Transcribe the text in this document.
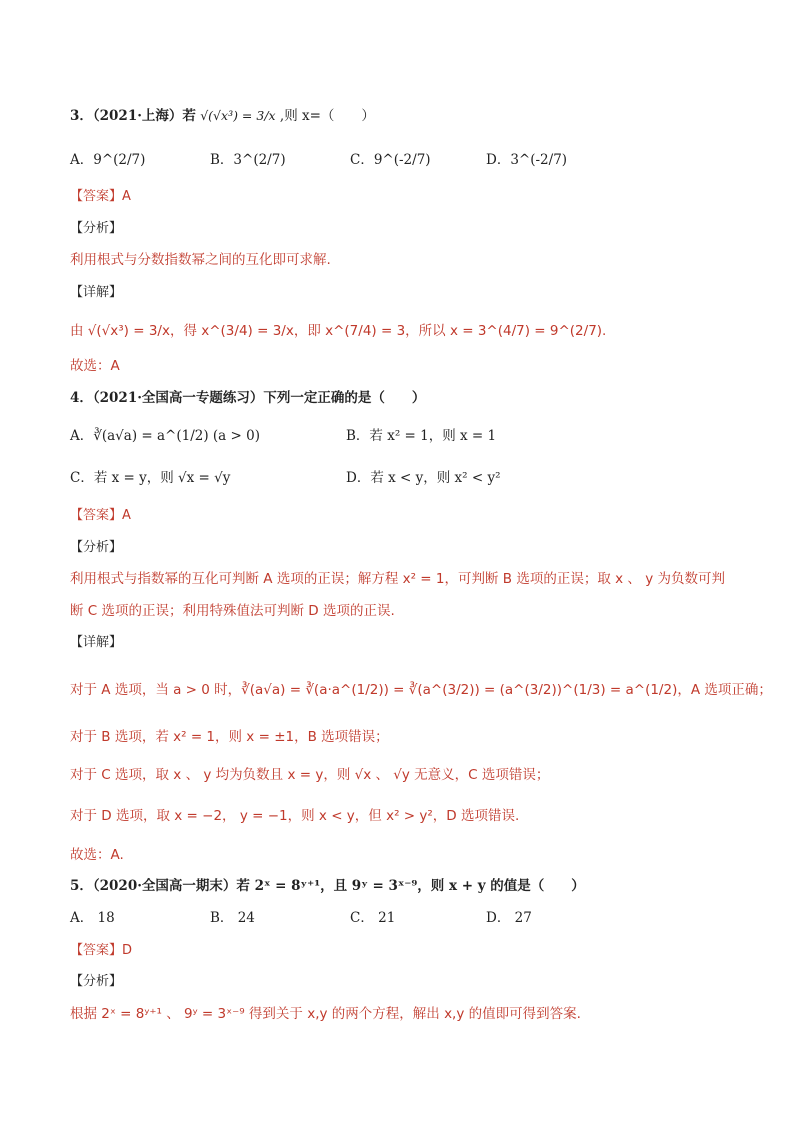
3．（2021·上海）若 √(√x³) = 3/x ,则 x=（　　）
A．9^(2/7)	B．3^(2/7)	C．9^(-2/7)	D．3^(-2/7)
【答案】A
【分析】
利用根式与分数指数幂之间的互化即可求解.
【详解】
由 √(√x³) = 3/x，得 x^(3/4) = 3/x，即 x^(7/4) = 3，所以 x = 3^(4/7) = 9^(2/7).
故选：A
4．（2021·全国高一专题练习）下列一定正确的是（　　）
A．∛(a√a) = a^(1/2) (a > 0)	B．若 x² = 1，则 x = 1
C．若 x = y，则 √x = √y	D．若 x < y，则 x² < y²
【答案】A
【分析】
利用根式与指数幂的互化可判断 A 选项的正误；解方程 x² = 1，可判断 B 选项的正误；取 x 、 y 为负数可判
断 C 选项的正误；利用特殊值法可判断 D 选项的正误.
【详解】
对于 A 选项，当 a > 0 时，∛(a√a) = ∛(a·a^(1/2)) = ∛(a^(3/2)) = (a^(3/2))^(1/3) = a^(1/2)，A 选项正确；
对于 B 选项，若 x² = 1，则 x = ±1，B 选项错误；
对于 C 选项，取 x 、 y 均为负数且 x = y，则 √x 、 √y 无意义，C 选项错误；
对于 D 选项，取 x = −2， y = −1，则 x < y，但 x² > y²，D 选项错误.
故选：A.
5．（2020·全国高一期末）若 2ˣ = 8ʸ⁺¹，且 9ʸ = 3ˣ⁻⁹，则 x + y 的值是（　　）
A． 18	B． 24	C． 21	D． 27
【答案】D
【分析】
根据 2ˣ = 8ʸ⁺¹ 、 9ʸ = 3ˣ⁻⁹ 得到关于 x,y 的两个方程，解出 x,y 的值即可得到答案.
